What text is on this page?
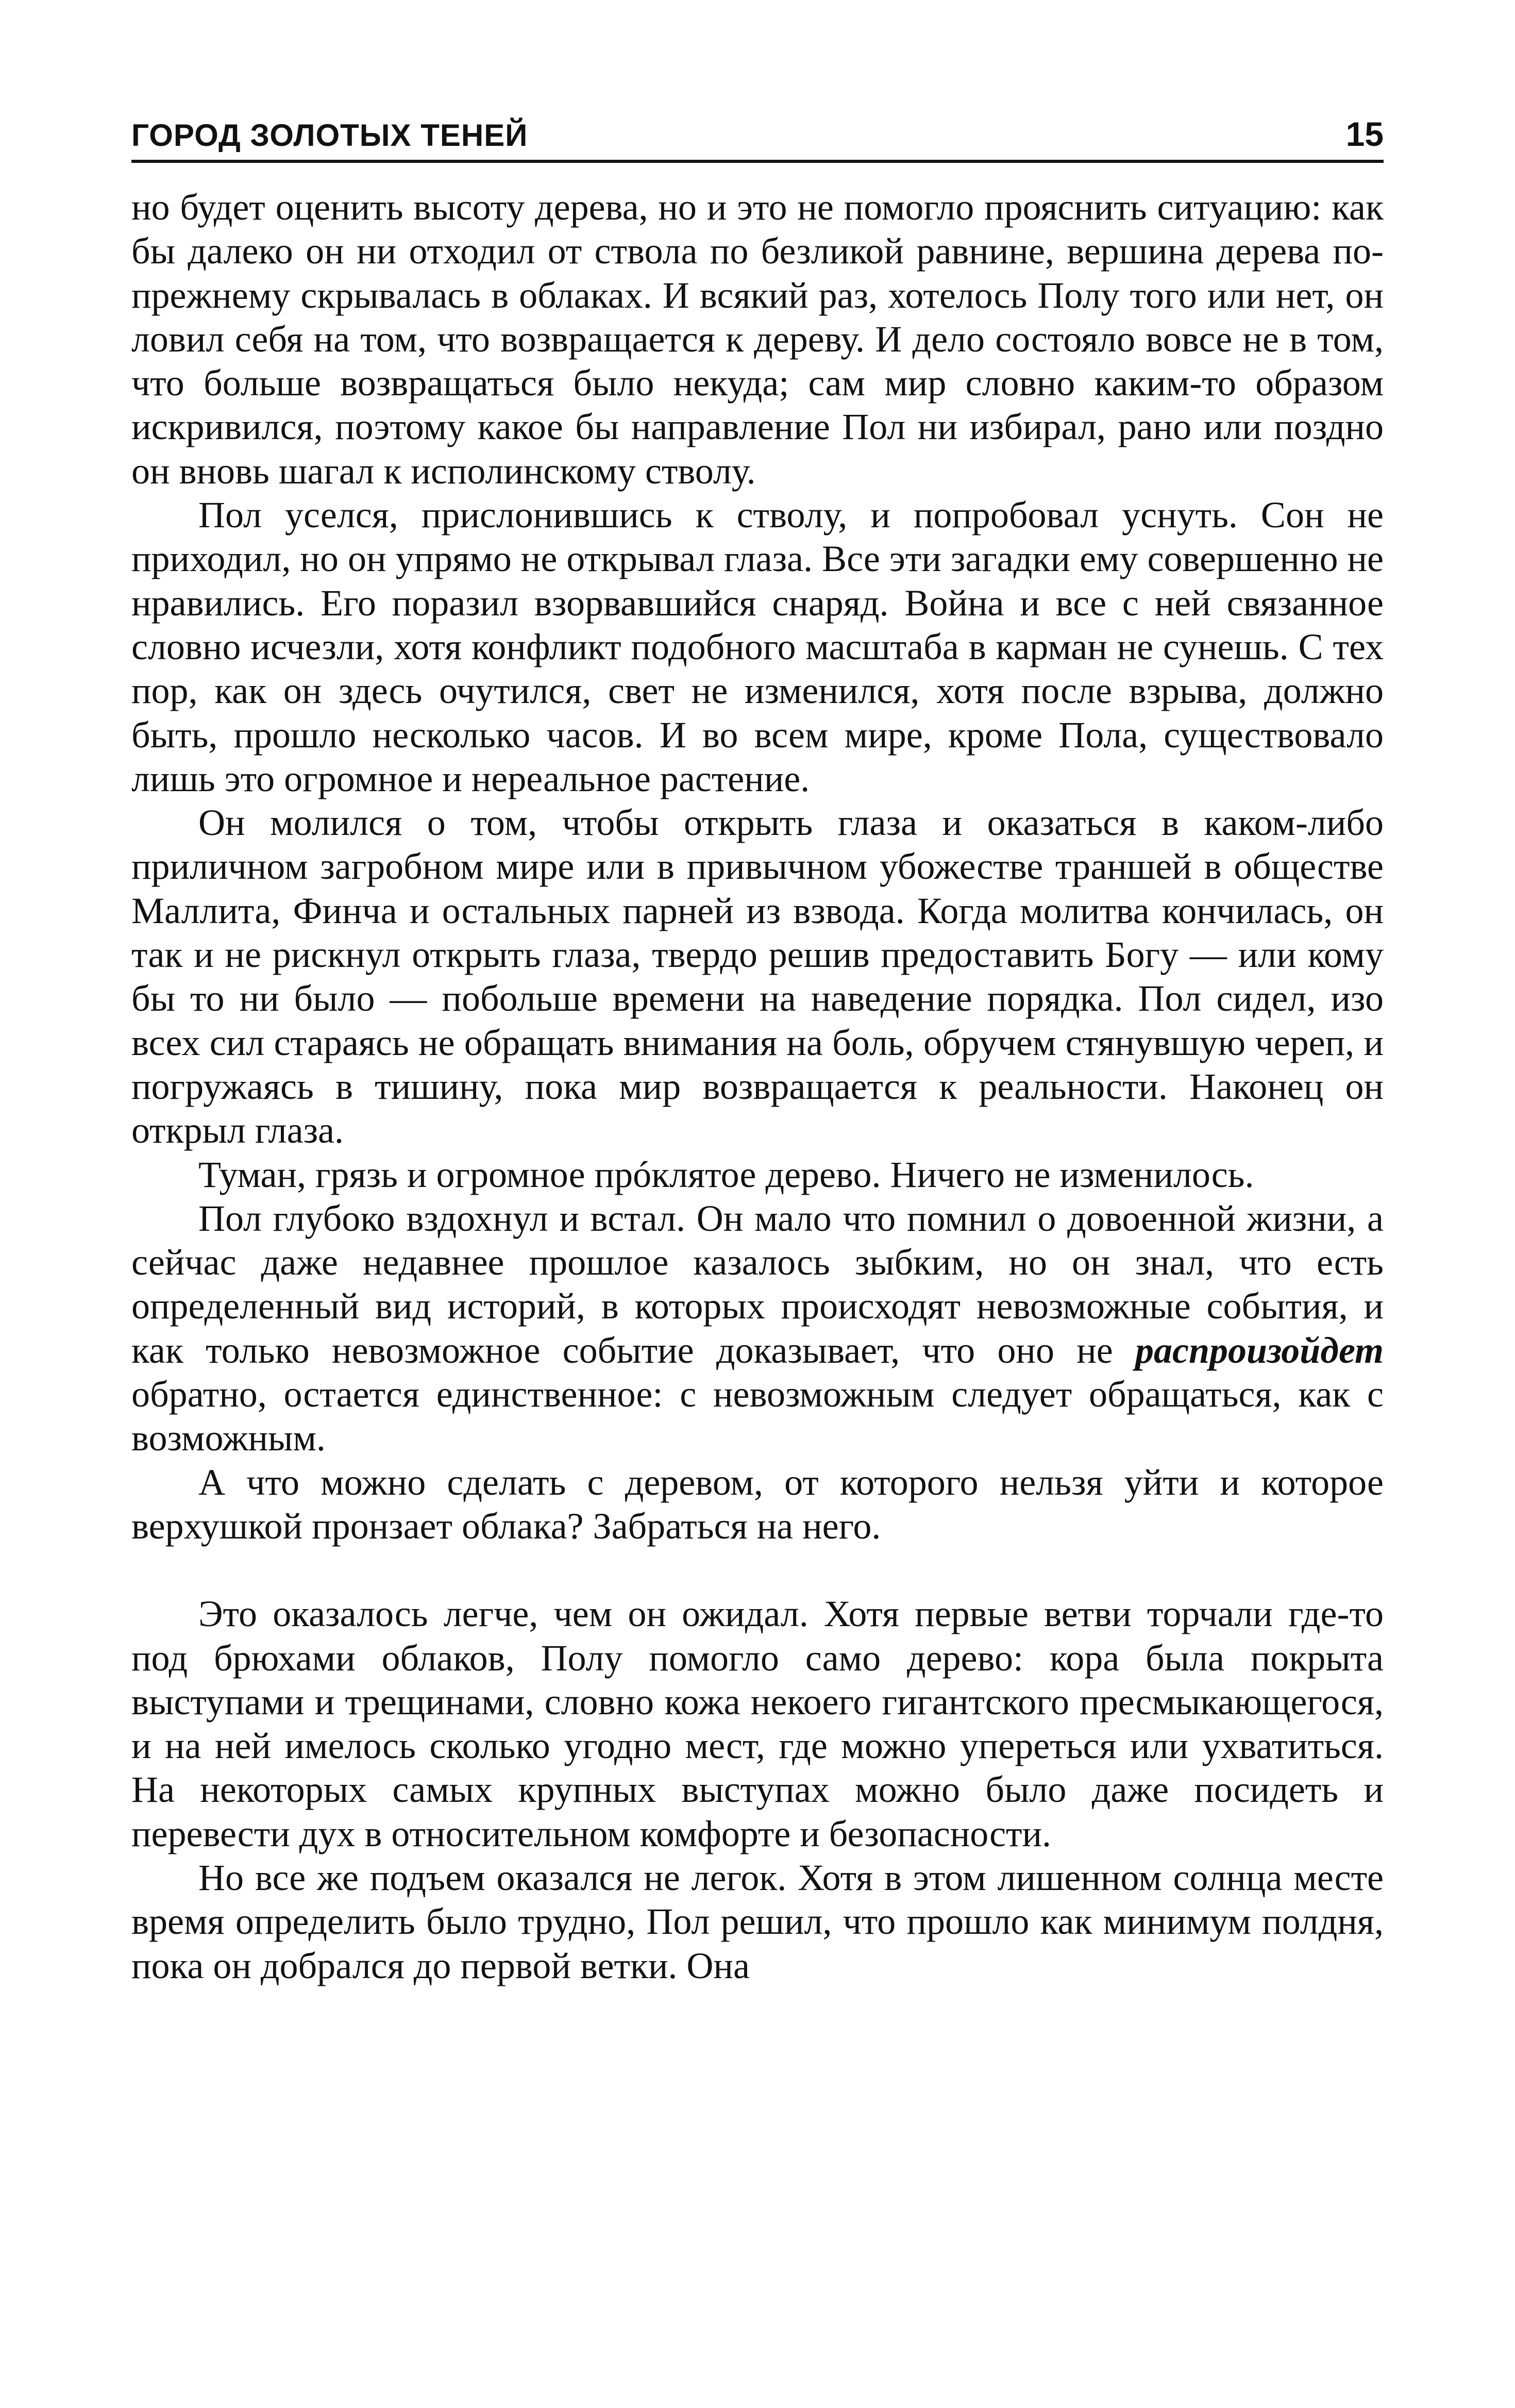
ГОРОД ЗОЛОТЫХ ТЕНЕЙ	15

но будет оценить высоту дерева, но и это не помогло прояснить ситуацию: как бы далеко он ни отходил от ствола по безликой равнине, вершина дерева по-прежнему скрывалась в облаках. И всякий раз, хотелось Полу того или нет, он ловил себя на том, что возвращается к дереву. И дело состояло вовсе не в том, что больше возвращаться было некуда; сам мир словно каким-то образом искривился, поэтому какое бы направление Пол ни избирал, рано или поздно он вновь шагал к исполинскому стволу.

Пол уселся, прислонившись к стволу, и попробовал уснуть. Сон не приходил, но он упрямо не открывал глаза. Все эти загадки ему совершенно не нравились. Его поразил взорвавшийся снаряд. Война и все с ней связанное словно исчезли, хотя конфликт подобного масштаба в карман не сунешь. С тех пор, как он здесь очутился, свет не изменился, хотя после взрыва, должно быть, прошло несколько часов. И во всем мире, кроме Пола, существовало лишь это огромное и нереальное растение.

Он молился о том, чтобы открыть глаза и оказаться в каком-либо приличном загробном мире или в привычном убожестве траншей в обществе Маллита, Финча и остальных парней из взвода. Когда молитва кончилась, он так и не рискнул открыть глаза, твердо решив предоставить Богу — или кому бы то ни было — побольше времени на наведение порядка. Пол сидел, изо всех сил стараясь не обращать внимания на боль, обручем стянувшую череп, и погружаясь в тишину, пока мир возвращается к реальности. Наконец он открыл глаза.

Туман, грязь и огромное прóклятое дерево. Ничего не изменилось.

Пол глубоко вздохнул и встал. Он мало что помнил о довоенной жизни, а сейчас даже недавнее прошлое казалось зыбким, но он знал, что есть определенный вид историй, в которых происходят невозможные события, и как только невозможное событие доказывает, что оно не распроизойдет обратно, остается единственное: с невозможным следует обращаться, как с возможным.

А что можно сделать с деревом, от которого нельзя уйти и которое верхушкой пронзает облака? Забраться на него.

Это оказалось легче, чем он ожидал. Хотя первые ветви торчали где-то под брюхами облаков, Полу помогло само дерево: кора была покрыта выступами и трещинами, словно кожа некоего гигантского пресмыкающегося, и на ней имелось сколько угодно мест, где можно упереться или ухватиться. На некоторых самых крупных выступах можно было даже посидеть и перевести дух в относительном комфорте и безопасности.

Но все же подъем оказался не легок. Хотя в этом лишенном солнца месте время определить было трудно, Пол решил, что прошло как минимум полдня, пока он добрался до первой ветки. Она
